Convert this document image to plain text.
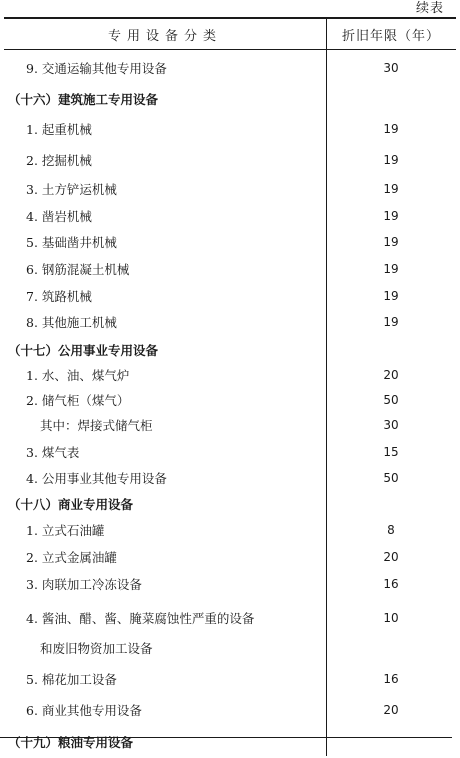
续表
专用设备分类	折旧年限（年）
9. 交通运输其他专用设备	30
（十六）建筑施工专用设备
1. 起重机械	19
2. 挖掘机械	19
3. 土方铲运机械	19
4. 凿岩机械	19
5. 基础凿井机械	19
6. 钢筋混凝土机械	19
7. 筑路机械	19
8. 其他施工机械	19
（十七）公用事业专用设备
1. 水、油、煤气炉	20
2. 储气柜（煤气）	50
其中：焊接式储气柜	30
3. 煤气表	15
4. 公用事业其他专用设备	50
（十八）商业专用设备
1. 立式石油罐	8
2. 立式金属油罐	20
3. 肉联加工冷冻设备	16
4. 酱油、醋、酱、腌菜腐蚀性严重的设备	10
和废旧物资加工设备
5. 棉花加工设备	16
6. 商业其他专用设备	20
（十九）粮油专用设备
